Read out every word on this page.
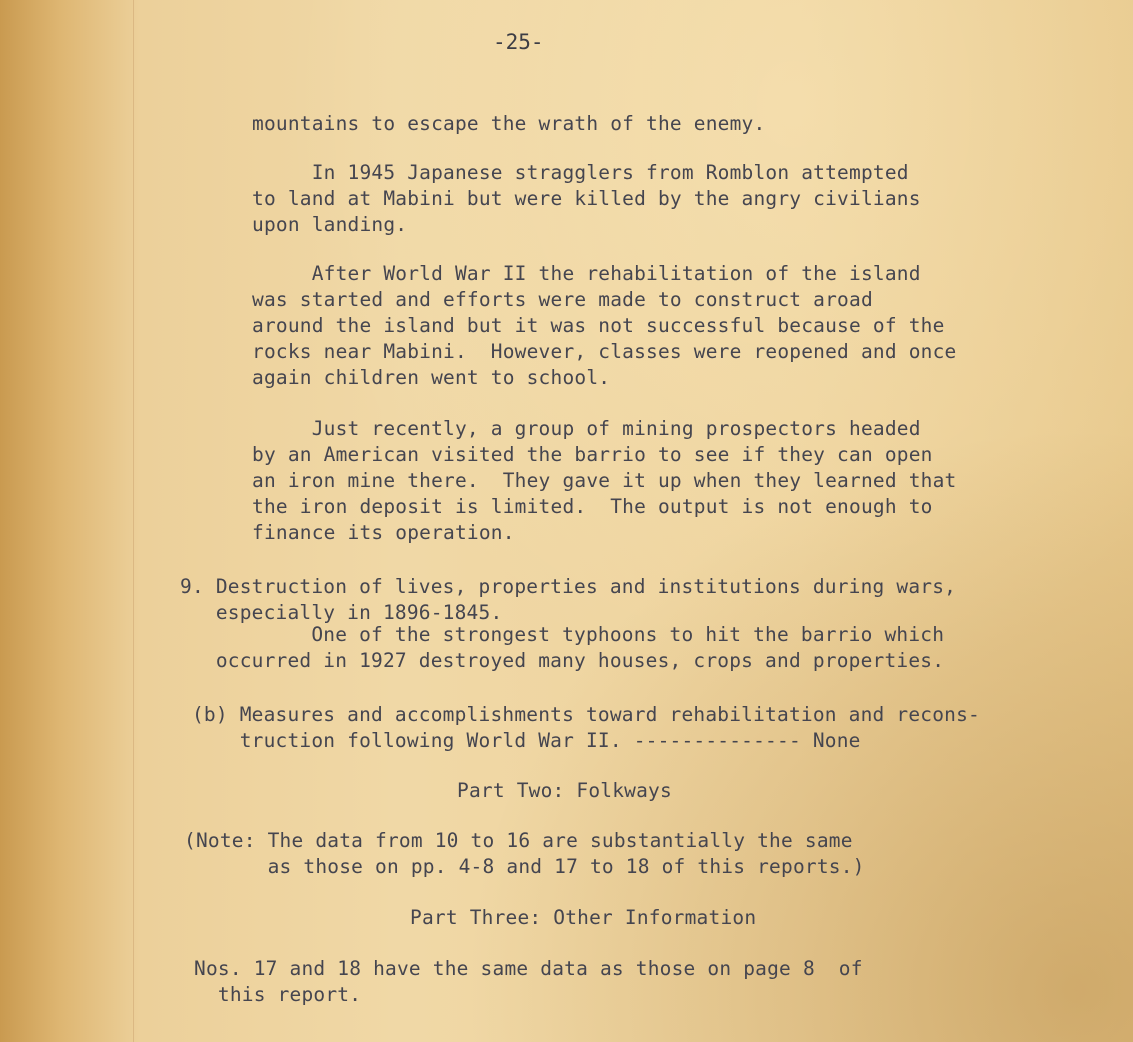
-25-
mountains to escape the wrath of the enemy.
In 1945 Japanese stragglers from Romblon attempted
to land at Mabini but were killed by the angry civilians
upon landing.
After World War II the rehabilitation of the island
was started and efforts were made to construct aroad
around the island but it was not successful because of the
rocks near Mabini.  However, classes were reopened and once
again children went to school.
Just recently, a group of mining prospectors headed
by an American visited the barrio to see if they can open
an iron mine there.  They gave it up when they learned that
the iron deposit is limited.  The output is not enough to
finance its operation.
9. Destruction of lives, properties and institutions during wars,
especially in 1896-1845.
One of the strongest typhoons to hit the barrio which
occurred in 1927 destroyed many houses, crops and properties.
(b) Measures and accomplishments toward rehabilitation and recons-
truction following World War II. -------------- None
Part Two: Folkways
(Note: The data from 10 to 16 are substantially the same
as those on pp. 4-8 and 17 to 18 of this reports.)
Part Three: Other Information
Nos. 17 and 18 have the same data as those on page 8  of
this report.
